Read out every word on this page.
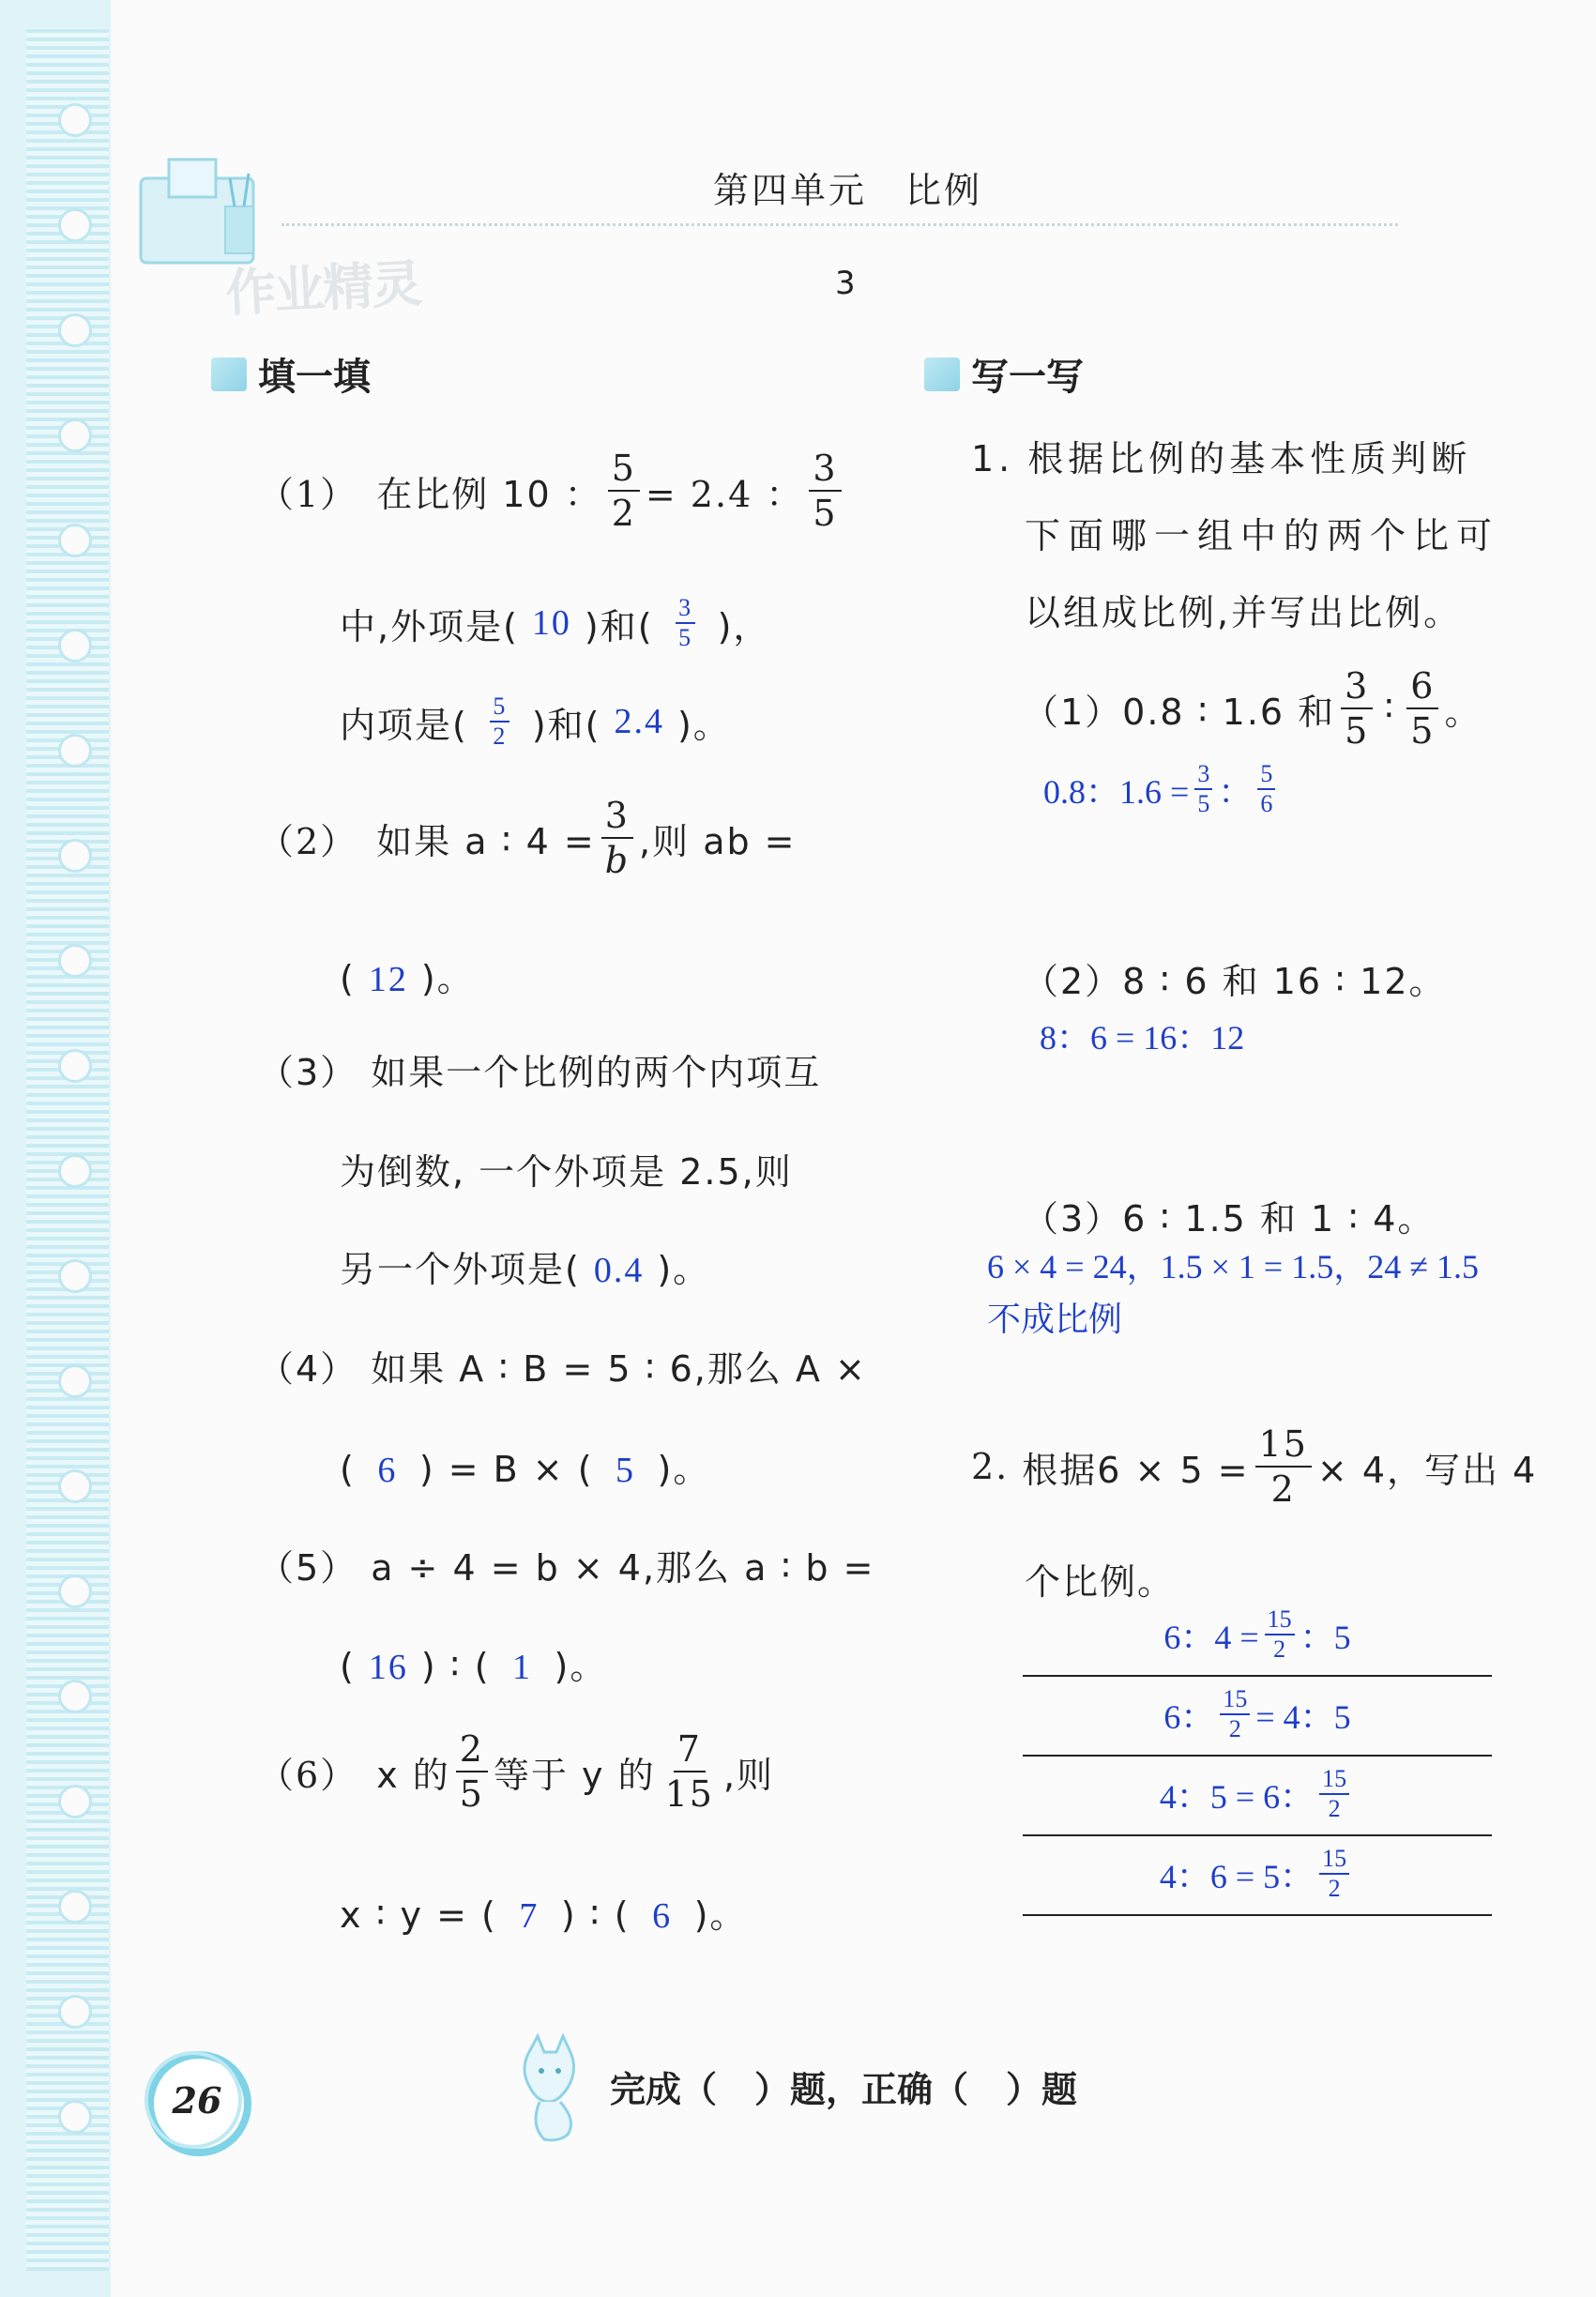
作业精灵
第四单元　比例
3
填一填
（1） 在比例 10 ： $\frac{5}{2} = 2.4$ ： $\frac{3}{5}$
中,外项是( 10 )和( $\frac{3}{5}$ )，
内项是( $\frac{5}{2}$ )和( 2.4 )。
（2） 如果 a ∶ $4 = \frac{3}{b}$ ,则 ab =
( 12 )。
（3） 如果一个比例的两个内项互
为倒数, 一个外项是 2.5,则
另一个外项是( 0.4 )。
（4） 如果 A ∶ B = 5 ∶ 6,那么 A ×
( 6 ) = B × ( 5 )。
（5） a ÷ 4 = b × 4,那么 a ∶ b =
( 16 ) ∶ ( 1 )。
（6） x 的 $\frac{2}{5}$ 等于 y 的 $\frac{7}{15}$ ,则
x ∶ y = ( 7 ) ∶ ( 6 )。
写一写
1. 根据比例的基本性质判断
下面哪一组中的两个比可
以组成比例,并写出比例。
（1）0.8 ∶ 1.6 和 $\frac{3}{5}$ ∶ $\frac{6}{5}$ 。
0.8：$1.6 = \frac{3}{5}$ ： $\frac{5}{6}$
（2）8 ∶ 6 和 16 ∶ 12。
8：6 = 16：12
（3）6 ∶ 1.5 和 1 ∶ 4。
6 × 4 = 24，1.5 × 1 = 1.5，24 ≠ 1.5
不成比例
2. 根据$6 \times 5 = \frac{15}{2} \times 4$，写出 4
个比例。
6：$4 = \frac{15}{2}$ ：5
6： $\frac{15}{2} = 4$：5
4：5 = 6： $\frac{15}{2}$
4：6 = 5： $\frac{15}{2}$
26	完成（ ）题，正确（ ）题
